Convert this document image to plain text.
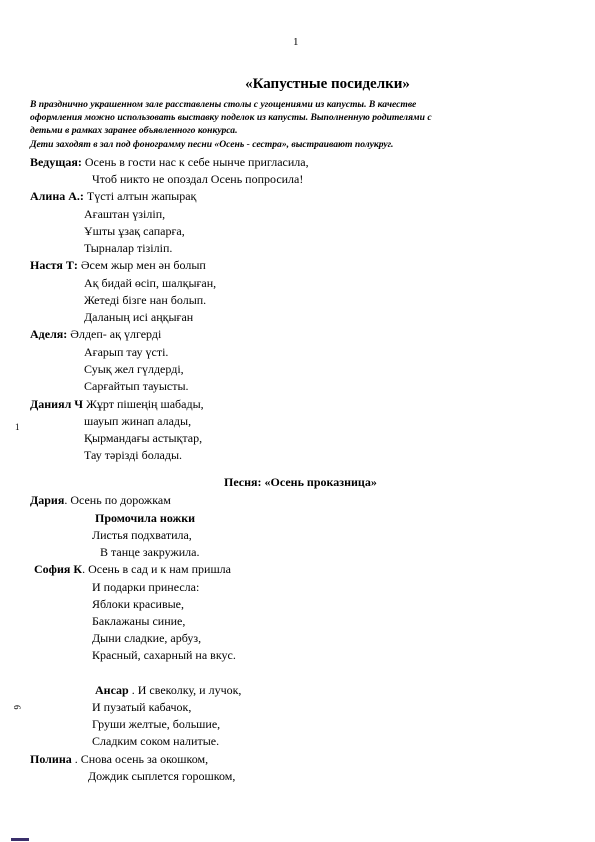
1
«Капустные посиделки»
В празднично украшенном зале расставлены столы с угощениями из капусты. В качестве
оформления можно использовать выставку поделок из капусты. Выполненную родителями с
детьми в рамках заранее объявленного конкурса.
Дети заходят в зал под фонограмму песни «Осень - сестра», выстраивают полукруг.
Ведущая: Осень в гости нас к себе нынче пригласила,
Чтоб никто не опоздал Осень попросила!
Алина А.: Түсті алтын жапырақ
Ағаштан үзіліп,
Ұшты ұзақ сапарға,
Тырналар тізіліп.
Настя Т: Әсем жыр мен ән болып
Ақ бидай өсіп, шалқыған,
Жетеді бізге нан болып.
Даланың исі аңқыған
Аделя: Әлдеп- ақ үлгерді
Ағарып тау үсті.
Суық жел гүлдерді,
Сарғайтып тауысты.
Даниял Ч Жұрт пішеңің шабады,
шауып жинап алады,
Қырмандағы астықтар,
Тау тәрізді болады.
Песня: «Осень проказница»
Дария. Осень по дорожкам
Промочила ножки
Листья подхватила,
В танце закружила.
София К. Осень в сад и к нам пришла
И подарки принесла:
Яблоки красивые,
Баклажаны синие,
Дыни сладкие, арбуз,
Красный, сахарный на вкус.
Ансар . И свеколку, и лучок,
И пузатый кабачок,
Груши желтые, большие,
Сладким соком налитые.
Полина . Снова осень за окошком,
Дождик сыплется горошком,
1
6
